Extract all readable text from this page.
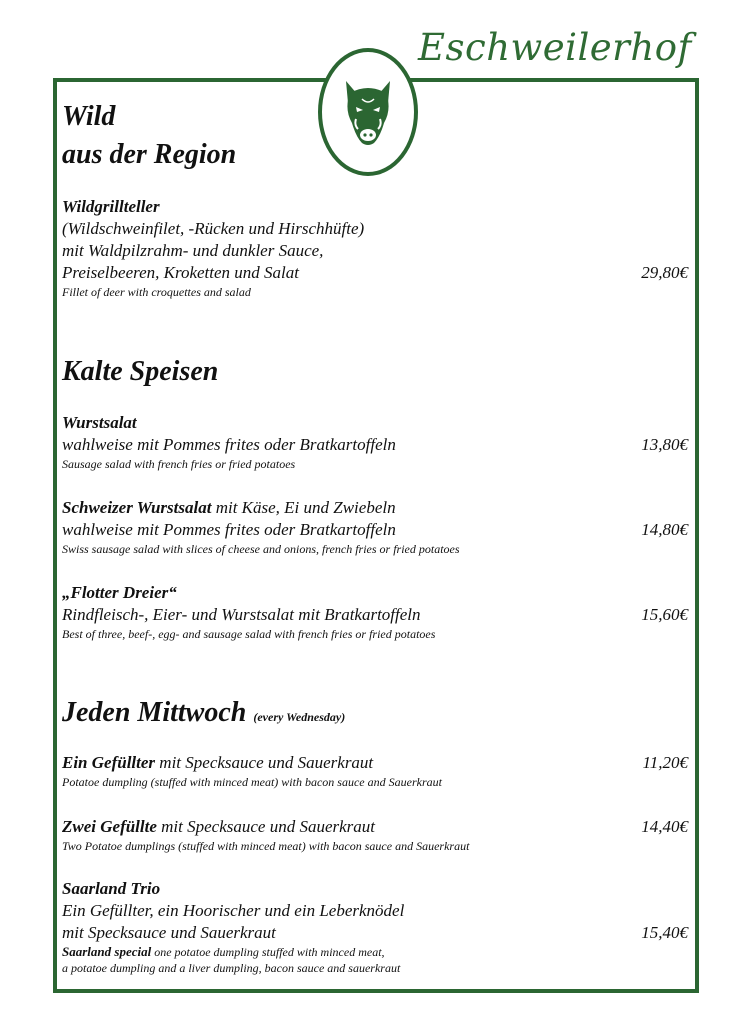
Eschweilerhof
Wild
aus der Region
Wildgrillteller
(Wildschweinfilet, -Rücken und Hirschhüfte)
mit Waldpilzrahm- und dunkler Sauce,
Preiselbeeren, Kroketten und Salat
Fillet of deer with croquettes and salad
29,80€
Kalte Speisen
Wurstsalat
wahlweise mit Pommes frites oder Bratkartoffeln
Sausage salad with french fries or fried potatoes
13,80€
Schweizer Wurstsalat mit Käse, Ei und Zwiebeln
wahlweise mit Pommes frites oder Bratkartoffeln
Swiss sausage salad with slices of cheese and onions, french fries or fried potatoes
14,80€
„Flotter Dreier“
Rindfleisch-, Eier- und Wurstsalat mit Bratkartoffeln
Best of three, beef-, egg- and sausage salad with french fries or fried potatoes
15,60€
Jeden Mittwoch (every Wednesday)
Ein Gefüllter mit Specksauce und Sauerkraut
Potatoe dumpling (stuffed with minced meat) with bacon sauce and Sauerkraut
11,20€
Zwei Gefüllte mit Specksauce und Sauerkraut
Two Potatoe dumplings (stuffed with minced meat) with bacon sauce and Sauerkraut
14,40€
Saarland Trio
Ein Gefüllter, ein Hoorischer und ein Leberknödel
mit Specksauce und Sauerkraut
Saarland special one potatoe dumpling stuffed with minced meat,
a potatoe dumpling and a liver dumpling, bacon sauce and sauerkraut
15,40€
